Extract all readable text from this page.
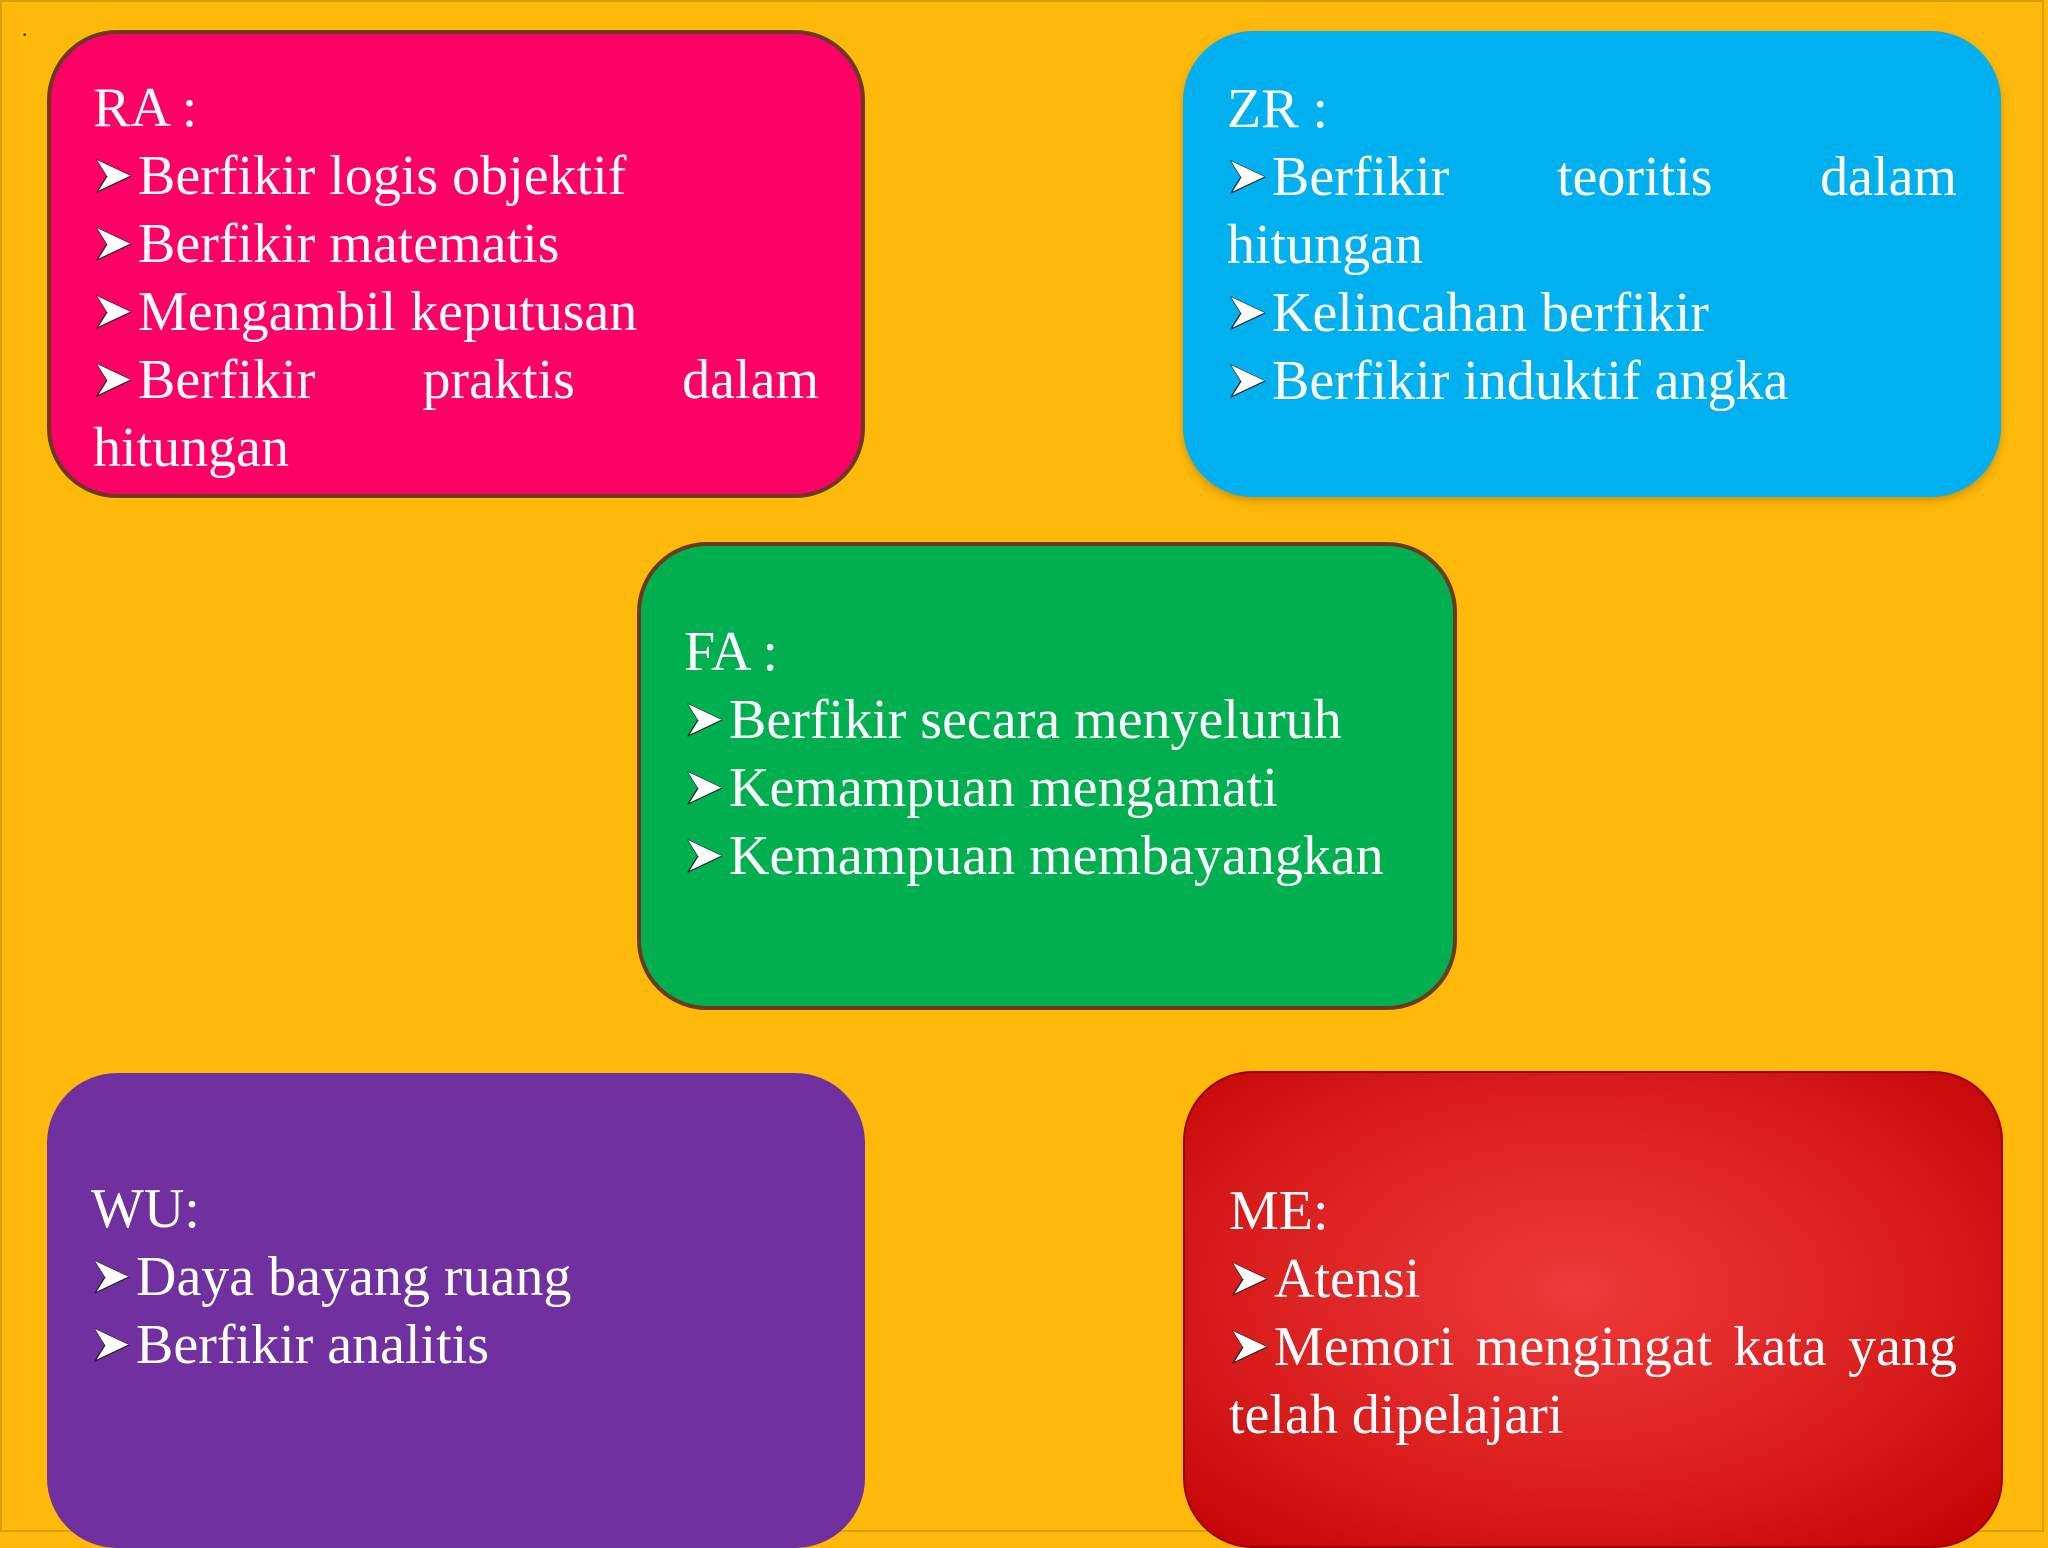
.
RA :
Berfikir logis objektif
Berfikir matematis
Mengambil keputusan
Berfikir praktis dalam hitungan
ZR :
Berfikir teoritis dalam hitungan
Kelincahan berfikir
Berfikir induktif angka
FA :
Berfikir secara menyeluruh
Kemampuan mengamati
Kemampuan membayangkan
WU:
Daya bayang ruang
Berfikir analitis
ME:
Atensi
Memori mengingat kata yang telah dipelajari
